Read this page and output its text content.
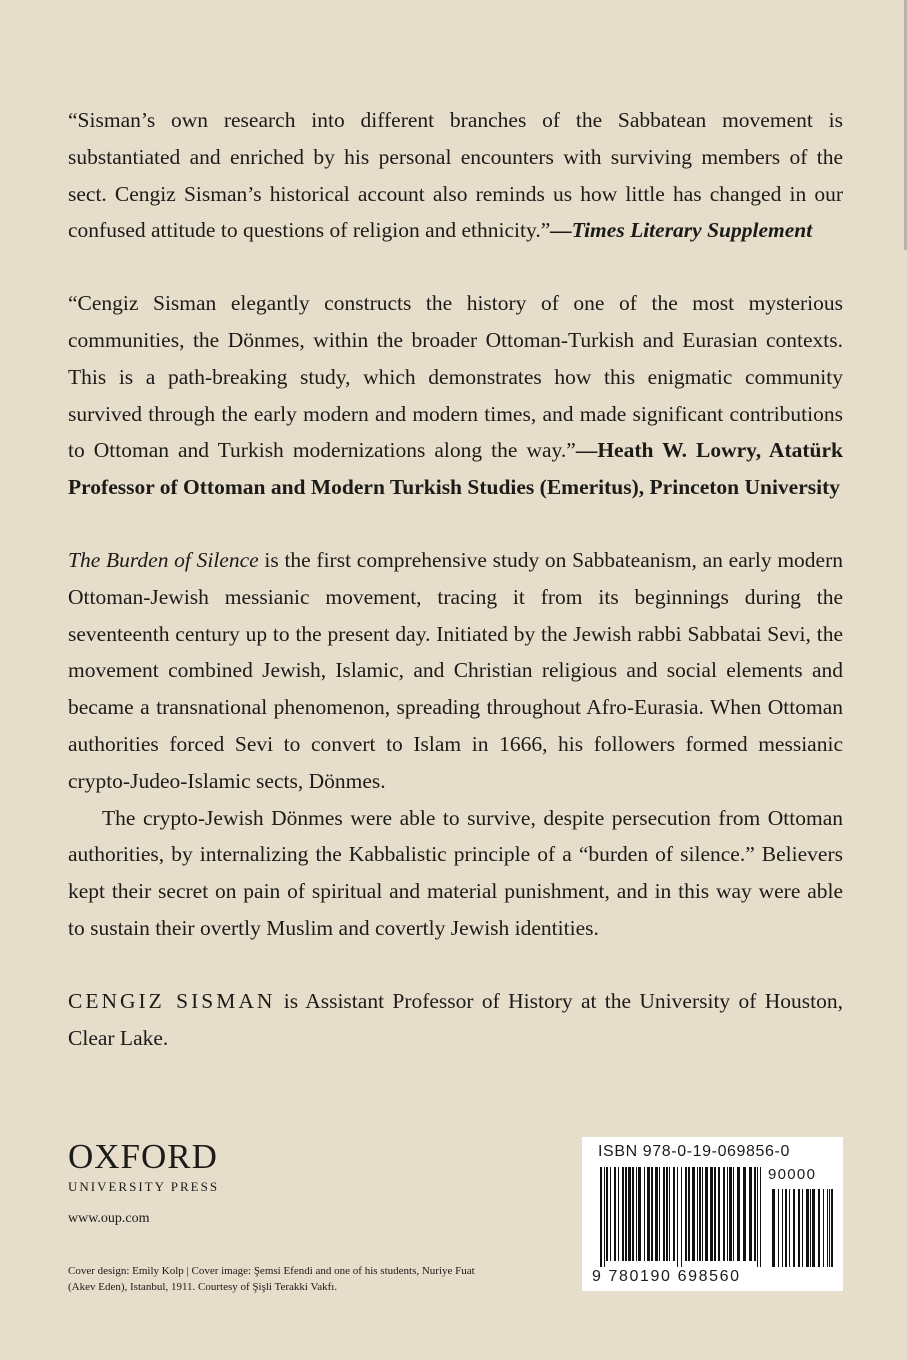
“Sisman’s own research into different branches of the Sabbatean movement is substantiated and enriched by his personal encounters with surviving members of the sect. Cengiz Sisman’s historical account also reminds us how little has changed in our confused attitude to questions of religion and ethnicity.”—Times Literary Supplement

“Cengiz Sisman elegantly constructs the history of one of the most mysterious communities, the Dönmes, within the broader Ottoman-Turkish and Eurasian contexts. This is a path-breaking study, which demonstrates how this enigmatic community survived through the early modern and modern times, and made significant contributions to Ottoman and Turkish modernizations along the way.”—Heath W. Lowry, Atatürk Professor of Ottoman and Modern Turkish Studies (Emeritus), Princeton University

The Burden of Silence is the first comprehensive study on Sabbateanism, an early modern Ottoman-Jewish messianic movement, tracing it from its beginnings during the seventeenth century up to the present day. Initiated by the Jewish rabbi Sabbatai Sevi, the movement combined Jewish, Islamic, and Christian religious and social elements and became a transnational phenomenon, spreading throughout Afro-Eurasia. When Ottoman authorities forced Sevi to convert to Islam in 1666, his followers formed messianic crypto-Judeo-Islamic sects, Dönmes.

The crypto-Jewish Dönmes were able to survive, despite persecution from Ottoman authorities, by internalizing the Kabbalistic principle of a “burden of silence.” Believers kept their secret on pain of spiritual and material punishment, and in this way were able to sustain their overtly Muslim and covertly Jewish identities.

CENGIZ SISMAN is Assistant Professor of History at the University of Houston, Clear Lake.

OXFORD
UNIVERSITY PRESS
www.oup.com
Cover design: Emily Kolp | Cover image: Şemsi Efendi and one of his students, Nuriye Fuat (Akev Eden), Istanbul, 1911. Courtesy of Şişli Terakki Vakfı.
ISBN 978-0-19-069856-0
9 780190 698560
90000
